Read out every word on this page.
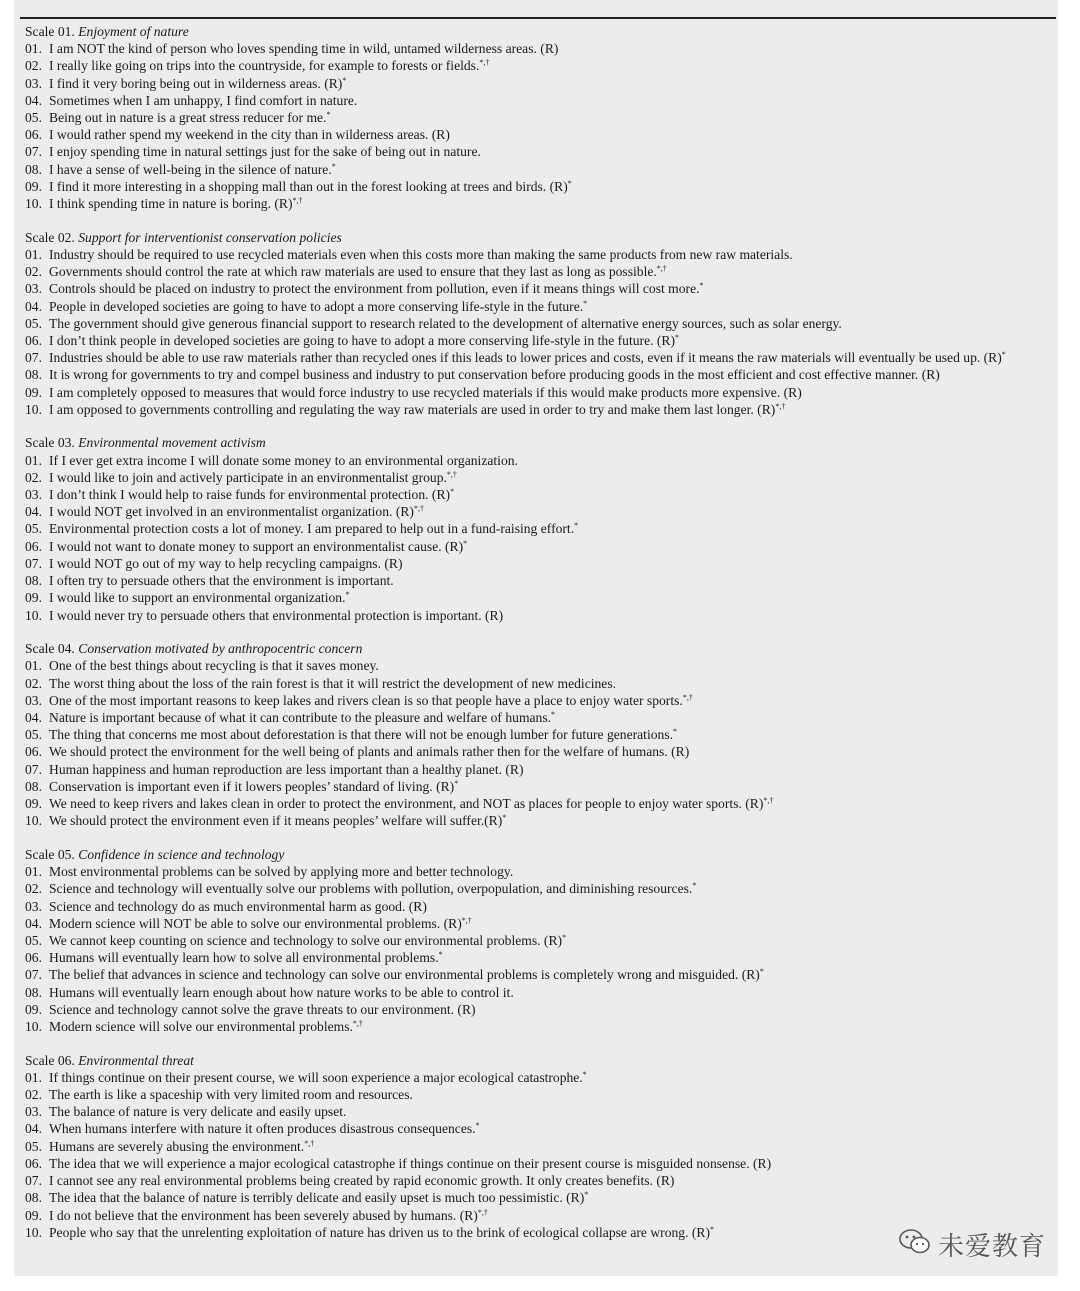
Scale 01. Enjoyment of nature
01. I am NOT the kind of person who loves spending time in wild, untamed wilderness areas. (R)
02. I really like going on trips into the countryside, for example to forests or fields.*,†
03. I find it very boring being out in wilderness areas. (R)*
04. Sometimes when I am unhappy, I find comfort in nature.
05. Being out in nature is a great stress reducer for me.*
06. I would rather spend my weekend in the city than in wilderness areas. (R)
07. I enjoy spending time in natural settings just for the sake of being out in nature.
08. I have a sense of well-being in the silence of nature.*
09. I find it more interesting in a shopping mall than out in the forest looking at trees and birds. (R)*
10. I think spending time in nature is boring. (R)*,†
Scale 02. Support for interventionist conservation policies
01. Industry should be required to use recycled materials even when this costs more than making the same products from new raw materials.
02. Governments should control the rate at which raw materials are used to ensure that they last as long as possible.*,†
03. Controls should be placed on industry to protect the environment from pollution, even if it means things will cost more.*
04. People in developed societies are going to have to adopt a more conserving life-style in the future.*
05. The government should give generous financial support to research related to the development of alternative energy sources, such as solar energy.
06. I don’t think people in developed societies are going to have to adopt a more conserving life-style in the future. (R)*
07. Industries should be able to use raw materials rather than recycled ones if this leads to lower prices and costs, even if it means the raw materials will eventually be used up. (R)*
08. It is wrong for governments to try and compel business and industry to put conservation before producing goods in the most efficient and cost effective manner. (R)
09. I am completely opposed to measures that would force industry to use recycled materials if this would make products more expensive. (R)
10. I am opposed to governments controlling and regulating the way raw materials are used in order to try and make them last longer. (R)*,†
Scale 03. Environmental movement activism
01. If I ever get extra income I will donate some money to an environmental organization.
02. I would like to join and actively participate in an environmentalist group.*,†
03. I don’t think I would help to raise funds for environmental protection. (R)*
04. I would NOT get involved in an environmentalist organization. (R)*,†
05. Environmental protection costs a lot of money. I am prepared to help out in a fund-raising effort.*
06. I would not want to donate money to support an environmentalist cause. (R)*
07. I would NOT go out of my way to help recycling campaigns. (R)
08. I often try to persuade others that the environment is important.
09. I would like to support an environmental organization.*
10. I would never try to persuade others that environmental protection is important. (R)
Scale 04. Conservation motivated by anthropocentric concern
01. One of the best things about recycling is that it saves money.
02. The worst thing about the loss of the rain forest is that it will restrict the development of new medicines.
03. One of the most important reasons to keep lakes and rivers clean is so that people have a place to enjoy water sports.*,†
04. Nature is important because of what it can contribute to the pleasure and welfare of humans.*
05. The thing that concerns me most about deforestation is that there will not be enough lumber for future generations.*
06. We should protect the environment for the well being of plants and animals rather then for the welfare of humans. (R)
07. Human happiness and human reproduction are less important than a healthy planet. (R)
08. Conservation is important even if it lowers peoples’ standard of living. (R)*
09. We need to keep rivers and lakes clean in order to protect the environment, and NOT as places for people to enjoy water sports. (R)*,†
10. We should protect the environment even if it means peoples’ welfare will suffer.(R)*
Scale 05. Confidence in science and technology
01. Most environmental problems can be solved by applying more and better technology.
02. Science and technology will eventually solve our problems with pollution, overpopulation, and diminishing resources.*
03. Science and technology do as much environmental harm as good. (R)
04. Modern science will NOT be able to solve our environmental problems. (R)*,†
05. We cannot keep counting on science and technology to solve our environmental problems. (R)*
06. Humans will eventually learn how to solve all environmental problems.*
07. The belief that advances in science and technology can solve our environmental problems is completely wrong and misguided. (R)*
08. Humans will eventually learn enough about how nature works to be able to control it.
09. Science and technology cannot solve the grave threats to our environment. (R)
10. Modern science will solve our environmental problems.*,†
Scale 06. Environmental threat
01. If things continue on their present course, we will soon experience a major ecological catastrophe.*
02. The earth is like a spaceship with very limited room and resources.
03. The balance of nature is very delicate and easily upset.
04. When humans interfere with nature it often produces disastrous consequences.*
05. Humans are severely abusing the environment.*,†
06. The idea that we will experience a major ecological catastrophe if things continue on their present course is misguided nonsense. (R)
07. I cannot see any real environmental problems being created by rapid economic growth. It only creates benefits. (R)
08. The idea that the balance of nature is terribly delicate and easily upset is much too pessimistic. (R)*
09. I do not believe that the environment has been severely abused by humans. (R)*,†
10. People who say that the unrelenting exploitation of nature has driven us to the brink of ecological collapse are wrong. (R)*
未爱教育
